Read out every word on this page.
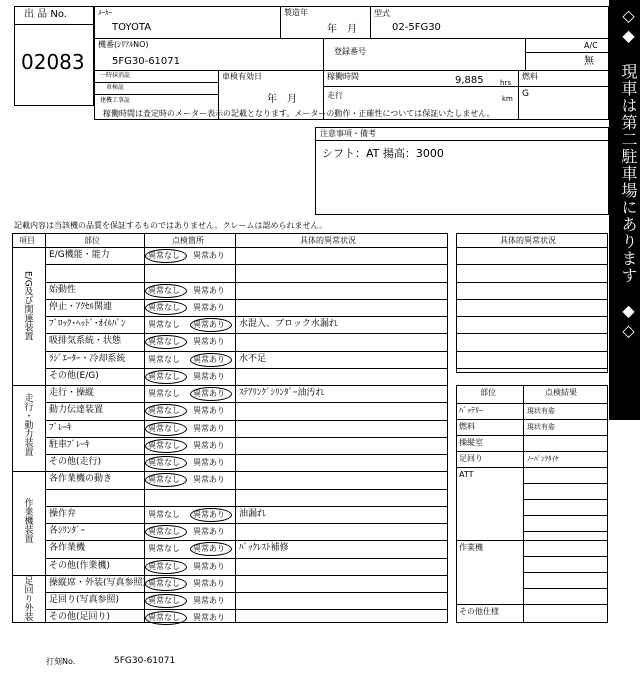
出 品 No.
02083
ﾒｰｶｰ
TOYOTA
製造年
年　月
型式
02-5FG30
機番(ｼﾘｱﾙNO)
5FG30-61071
登録番号
A/C
無
一時抹消証
車検証
建機工事証
車検有効日
年　月
稼働時間	9,885 hrs
走行	km
燃料
G
稼働時間は査定時のメーター表示の記載となります。メーターの動作・正確性については保証いたしません。
注意事項・備考
シフト：AT 揚高：3000
記載内容は当該機の品質を保証するものではありません。クレームは認められません。
項目	部位	点検箇所	具体的異常状況
E/G機能・能力	異常なし 異常あり
始動性	異常なし 異常あり
停止・ｱｸｾﾙ関連	異常なし 異常あり
ﾌﾞﾛｯｸ･ﾍｯﾄﾞ･ｵｲﾙﾊﾟﾝ	異常なし 異常あり 水混入、ブロック水漏れ
吸排気系統・状態	異常なし 異常あり
ﾗｼﾞｴｰﾀｰ・冷却系統	異常なし 異常あり 水不足
その他(E/G)	異常なし 異常あり
E/G及び関連装置
走行・操縦	異常なし 異常あり ｽﾃｱﾘﾝｸﾞｼﾘﾝﾀﾞｰ油汚れ
動力伝達装置	異常なし 異常あり
ﾌﾞﾚｰｷ	異常なし 異常あり
駐車ﾌﾞﾚｰｷ	異常なし 異常あり
その他(走行)	異常なし 異常あり
走行・動力装置
各作業機の動き	異常なし 異常あり
操作弁	異常なし 異常あり 油漏れ
各ｼﾘﾝﾀﾞｰ	異常なし 異常あり
各作業機	異常なし 異常あり ﾊﾞｯｸﾚｽﾄ補修
その他(作業機)	異常なし 異常あり
作業機装置
操縦席・外装(写真参照) 異常なし 異常あり
足回り(写真参照)	異常なし 異常あり
その他(足回り)	異常なし 異常あり
足回り外装
具体的異常状況
部位	点検結果
ﾊﾞｯﾃﾘｰ	現状有姿
燃料	現状有姿
操縦室
足回り	ﾉｰﾊﾟﾝｸﾀｲﾔ
ATT
作業機
その他仕様
打刻No.	5FG30-61071
◇◆　現車は第二駐車場にあります　◆◇
